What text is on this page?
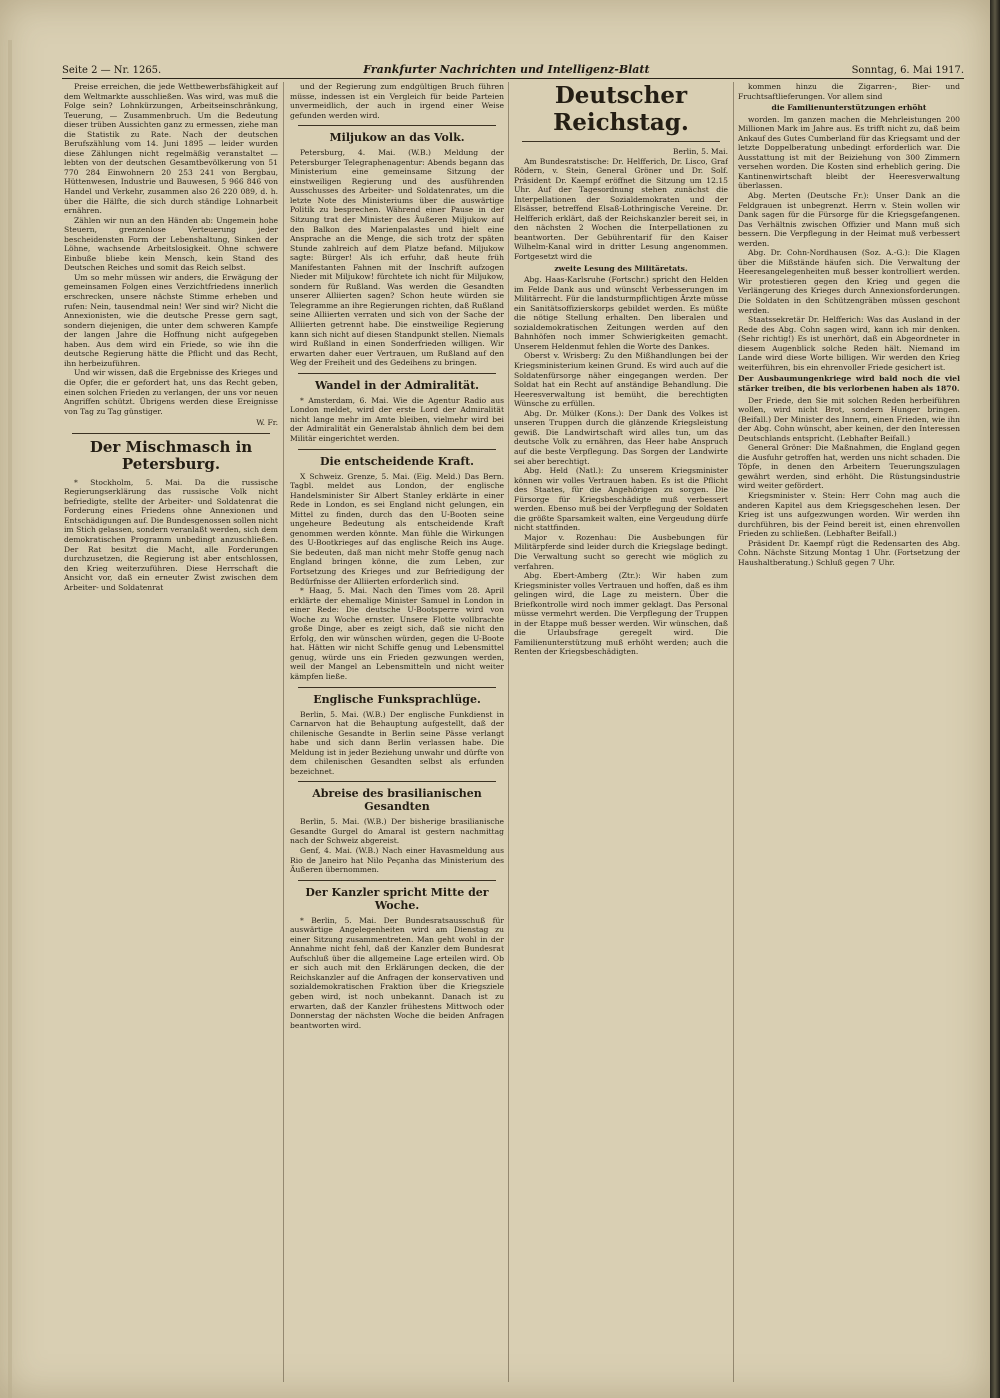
Seite 2 — Nr. 1265.	Frankfurter Nachrichten und Intelligenz-Blatt	Sonntag, 6. Mai 1917.

Preise erreichen, die jede Wettbewerbsfähigkeit auf dem Weltmarkte ausschließen. Was wird, was muß die Folge sein? Lohnkürzungen, Arbeitseinschränkung, Teuerung, — Zusammenbruch. Um die Bedeutung dieser trüben Aussichten ganz zu ermessen, ziehe man die Statistik zu Rate. Nach der deutschen Berufszählung vom 14. Juni 1895 — leider wurden diese Zählungen nicht regelmäßig veranstaltet — lebten von der deutschen Gesamtbevölkerung von 51 770 284 Einwohnern 20 253 241 von Bergbau, Hüttenwesen, Industrie und Bauwesen, 5 966 846 von Handel und Verkehr, zusammen also 26 220 089, d. h. über die Hälfte, die sich durch ständige Lohnarbeit ernähren.

Zählen wir nun an den Händen ab: Ungemein hohe Steuern, grenzenlose Verteuerung jeder bescheidensten Form der Lebenshaltung, Sinken der Löhne, wachsende Arbeitslosigkeit. Ohne schwere Einbuße bliebe kein Mensch, kein Stand des Deutschen Reiches und somit das Reich selbst.

Um so mehr müssen wir anders, die Erwägung der gemeinsamen Folgen eines Verzichtfriedens innerlich erschrecken, unsere nächste Stimme erheben und rufen: Nein, tausendmal nein! Wer sind wir? Nicht die Annexionisten, wie die deutsche Presse gern sagt, sondern diejenigen, die unter dem schweren Kampfe der langen Jahre die Hoffnung nicht aufgegeben haben. Aus dem wird ein Friede, so wie ihn die deutsche Regierung hätte die Pflicht und das Recht, ihn herbeizuführen.

Und wir wissen, daß die Ergebnisse des Krieges und die Opfer, die er gefordert hat, uns das Recht geben, einen solchen Frieden zu verlangen, der uns vor neuen Angriffen schützt. Übrigens werden diese Ereignisse von Tag zu Tag günstiger.

W. Fr.
Der Mischmasch in Petersburg.

* Stockholm, 5. Mai. Da die russische Regierungserklärung das russische Volk nicht befriedigte, stellte der Arbeiter- und Soldatenrat die Forderung eines Friedens ohne Annexionen und Entschädigungen auf. Die Bundesgenossen sollen nicht im Stich gelassen, sondern veranlaßt werden, sich dem demokratischen Programm unbedingt anzuschließen. Der Rat besitzt die Macht, alle Forderungen durchzusetzen, die Regierung ist aber entschlossen, den Krieg weiterzuführen. Diese Herrschaft die Ansicht vor, daß ein erneuter Zwist zwischen dem Arbeiter- und Soldatenrat

und der Regierung zum endgültigen Bruch führen müsse, indessen ist ein Vergleich für beide Parteien unvermeidlich, der auch in irgend einer Weise gefunden werden wird.

Miljukow an das Volk.

Petersburg, 4. Mai. (W.B.) Meldung der Petersburger Telegraphenagentur: Abends begann das Ministerium eine gemeinsame Sitzung der einstweiligen Regierung und des ausführenden Ausschusses des Arbeiter- und Soldatenrates, um die letzte Note des Ministeriums über die auswärtige Politik zu besprechen. Während einer Pause in der Sitzung trat der Minister des Äußeren Miljukow auf den Balkon des Marienpalastes und hielt eine Ansprache an die Menge, die sich trotz der späten Stunde zahlreich auf dem Platze befand. Miljukow sagte: Bürger! Als ich erfuhr, daß heute früh Manifestanten Fahnen mit der Inschrift aufzogen Nieder mit Miljukow! fürchtete ich nicht für Miljukow, sondern für Rußland. Was werden die Gesandten unserer Alliierten sagen? Schon heute würden sie Telegramme an ihre Regierungen richten, daß Rußland seine Alliierten verraten und sich von der Sache der Alliierten getrennt habe. Die einstweilige Regierung kann sich nicht auf diesen Standpunkt stellen. Niemals wird Rußland in einen Sonderfrieden willigen. Wir erwarten daher euer Vertrauen, um Rußland auf den Weg der Freiheit und des Gedeihens zu bringen.

Wandel in der Admiralität.

* Amsterdam, 6. Mai. Wie die Agentur Radio aus London meldet, wird der erste Lord der Admiralität nicht lange mehr im Amte bleiben, vielmehr wird bei der Admiralität ein Generalstab ähnlich dem bei dem Militär eingerichtet werden.

Die entscheidende Kraft.

X Schweiz. Grenze, 5. Mai. (Eig. Meld.) Das Bern. Tagbl. meldet aus London, der englische Handelsminister Sir Albert Stanley erklärte in einer Rede in London, es sei England nicht gelungen, ein Mittel zu finden, durch das den U-Booten seine ungeheure Bedeutung als entscheidende Kraft genommen werden könnte. Man fühle die Wirkungen des U-Bootkrieges auf das englische Reich ins Auge. Sie bedeuten, daß man nicht mehr Stoffe genug nach England bringen könne, die zum Leben, zur Fortsetzung des Krieges und zur Befriedigung der Bedürfnisse der Alliierten erforderlich sind.

* Haag, 5. Mai. Nach den Times vom 28. April erklärte der ehemalige Minister Samuel in London in einer Rede: Die deutsche U-Bootsperre wird von Woche zu Woche ernster. Unsere Flotte vollbrachte große Dinge, aber es zeigt sich, daß sie nicht den Erfolg, den wir wünschen würden, gegen die U-Boote hat. Hätten wir nicht Schiffe genug und Lebensmittel genug, würde uns ein Frieden gezwungen werden, weil der Mangel an Lebensmitteln und nicht weiter kämpfen ließe.

Englische Funksprachlüge.

Berlin, 5. Mai. (W.B.) Der englische Funkdienst in Carnarvon hat die Behauptung aufgestellt, daß der chilenische Gesandte in Berlin seine Pässe verlangt habe und sich dann Berlin verlassen habe. Die Meldung ist in jeder Beziehung unwahr und dürfte von dem chilenischen Gesandten selbst als erfunden bezeichnet.

Abreise des brasilianischen Gesandten

Berlin, 5. Mai. (W.B.) Der bisherige brasilianische Gesandte Gurgel do Amaral ist gestern nachmittag nach der Schweiz abgereist.

Genf, 4. Mai. (W.B.) Nach einer Havasmeldung aus Rio de Janeiro hat Nilo Peçanha das Ministerium des Äußeren übernommen.

Der Kanzler spricht Mitte der Woche.

* Berlin, 5. Mai. Der Bundesratsausschuß für auswärtige Angelegenheiten wird am Dienstag zu einer Sitzung zusammentreten. Man geht wohl in der Annahme nicht fehl, daß der Kanzler dem Bundesrat Aufschluß über die allgemeine Lage erteilen wird. Ob er sich auch mit den Erklärungen decken, die der Reichskanzler auf die Anfragen der konservativen und sozialdemokratischen Fraktion über die Kriegsziele geben wird, ist noch unbekannt. Danach ist zu erwarten, daß der Kanzler frühestens Mittwoch oder Donnerstag der nächsten Woche die beiden Anfragen beantworten wird.

Deutscher Reichstag.
Berlin, 5. Mai.

Am Bundesratstische: Dr. Helfferich, Dr. Lisco, Graf Rödern, v. Stein, General Gröner und Dr. Solf. Präsident Dr. Kaempf eröffnet die Sitzung um 12.15 Uhr. Auf der Tagesordnung stehen zunächst die Interpellationen der Sozialdemokraten und der Elsässer, betreffend Elsaß-Lothringische Vereine. Dr. Helfferich erklärt, daß der Reichskanzler bereit sei, in den nächsten 2 Wochen die Interpellationen zu beantworten. Der Gebührentarif für den Kaiser Wilhelm-Kanal wird in dritter Lesung angenommen. Fortgesetzt wird die

zweite Lesung des Militäretats.

Abg. Haas-Karlsruhe (Fortschr.) spricht den Helden im Felde Dank aus und wünscht Verbesserungen im Militärrecht. Für die landsturmpflichtigen Ärzte müsse ein Sanitätsoffizierskorps gebildet werden. Es müßte die nötige Stellung erhalten. Den liberalen und sozialdemokratischen Zeitungen werden auf den Bahnhöfen noch immer Schwierigkeiten gemacht. Unserem Heldenmut fehlen die Worte des Dankes.

Oberst v. Wrisberg: Zu den Mißhandlungen bei der Kriegsministerium keinen Grund. Es wird auch auf die Soldatenfürsorge näher eingegangen werden. Der Soldat hat ein Recht auf anständige Behandlung. Die Heeresverwaltung ist bemüht, die berechtigten Wünsche zu erfüllen.

Abg. Dr. Mülker (Kons.): Der Dank des Volkes ist unseren Truppen durch die glänzende Kriegsleistung gewiß. Die Landwirtschaft wird alles tun, um das deutsche Volk zu ernähren, das Heer habe Anspruch auf die beste Verpflegung. Das Sorgen der Landwirte sei aber berechtigt.

Abg. Held (Natl.): Zu unserem Kriegsminister können wir volles Vertrauen haben. Es ist die Pflicht des Staates, für die Angehörigen zu sorgen. Die Fürsorge für Kriegsbeschädigte muß verbessert werden. Ebenso muß bei der Verpflegung der Soldaten die größte Sparsamkeit walten, eine Vergeudung dürfe nicht stattfinden.

Major v. Rozenhau: Die Ausbebungen für Militärpferde sind leider durch die Kriegslage bedingt. Die Verwaltung sucht so gerecht wie möglich zu verfahren.

Abg. Ebert-Amberg (Ztr.): Wir haben zum Kriegsminister volles Vertrauen und hoffen, daß es ihm gelingen wird, die Lage zu meistern. Über die Briefkontrolle wird noch immer geklagt. Das Personal müsse vermehrt werden. Die Verpflegung der Truppen in der Etappe muß besser werden. Wir wünschen, daß die Urlaubsfrage geregelt wird. Die Familienunterstützung muß erhöht werden; auch die Renten der Kriegsbeschädigten.

kommen hinzu die Zigarren-, Bier- und Fruchtsaftlieferungen. Vor allem sind

die Familienunterstützungen erhöht

worden. Im ganzen machen die Mehrleistungen 200 Millionen Mark im Jahre aus. Es trifft nicht zu, daß beim Ankauf des Gutes Cumberland für das Kriegsamt und der letzte Doppelberatung unbedingt erforderlich war. Die Ausstattung ist mit der Beiziehung von 300 Zimmern versehen worden. Die Kosten sind erheblich gering. Die Kantinenwirtschaft bleibt der Heeresverwaltung überlassen.

Abg. Merten (Deutsche Fr.): Unser Dank an die Feldgrauen ist unbegrenzt. Herrn v. Stein wollen wir Dank sagen für die Fürsorge für die Kriegsgefangenen. Das Verhältnis zwischen Offizier und Mann muß sich bessern. Die Verpflegung in der Heimat muß verbessert werden.

Abg. Dr. Cohn-Nordhausen (Soz. A.-G.): Die Klagen über die Mißstände häufen sich. Die Verwaltung der Heeresangelegenheiten muß besser kontrolliert werden. Wir protestieren gegen den Krieg und gegen die Verlängerung des Krieges durch Annexionsforderungen. Die Soldaten in den Schützengräben müssen geschont werden.

Staatssekretär Dr. Helfferich: Was das Ausland in der Rede des Abg. Cohn sagen wird, kann ich mir denken. (Sehr richtig!) Es ist unerhört, daß ein Abgeordneter in diesem Augenblick solche Reden hält. Niemand im Lande wird diese Worte billigen. Wir werden den Krieg weiterführen, bis ein ehrenvoller Friede gesichert ist.

Der Ausbaumungenkriege wird bald noch die viel stärker treiben, die bis verlorbenen haben als 1870.

Der Friede, den Sie mit solchen Reden herbeiführen wollen, wird nicht Brot, sondern Hunger bringen. (Beifall.) Der Minister des Innern, einen Frieden, wie ihn der Abg. Cohn wünscht, aber keinen, der den Interessen Deutschlands entspricht. (Lebhafter Beifall.)

General Gröner: Die Maßnahmen, die England gegen die Ausfuhr getroffen hat, werden uns nicht schaden. Die Töpfe, in denen den Arbeitern Teuerungszulagen gewährt werden, sind erhöht. Die Rüstungsindustrie wird weiter gefördert.

Kriegsminister v. Stein: Herr Cohn mag auch die anderen Kapitel aus dem Kriegsgeschehen lesen. Der Krieg ist uns aufgezwungen worden. Wir werden ihn durchführen, bis der Feind bereit ist, einen ehrenvollen Frieden zu schließen. (Lebhafter Beifall.)

Präsident Dr. Kaempf rügt die Redensarten des Abg. Cohn. Nächste Sitzung Montag 1 Uhr. (Fortsetzung der Haushaltberatung.) Schluß gegen 7 Uhr.
